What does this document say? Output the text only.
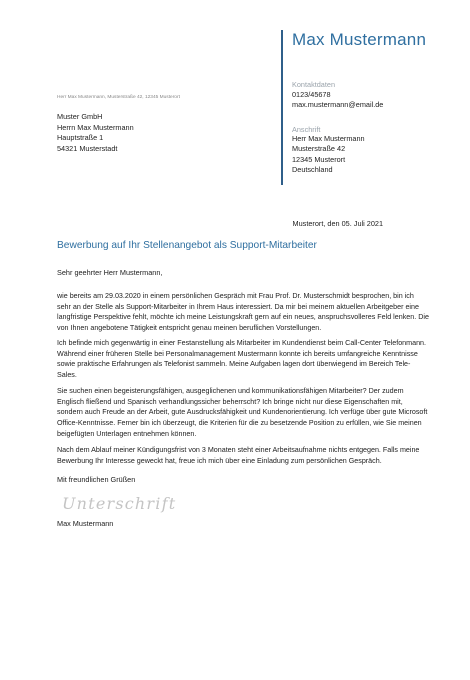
Max Mustermann
Kontaktdaten
0123/45678
max.mustermann@email.de
Anschrift
Herr Max Mustermann
Musterstraße 42
12345 Musterort
Deutschland
Herr Max Mustermann, Musterstraße 42, 12345 Musterort
Muster GmbH
Herrn Max Mustermann
Hauptstraße 1
54321 Musterstadt
Musterort, den 05. Juli 2021
Bewerbung auf Ihr Stellenangebot als Support-Mitarbeiter
Sehr geehrter Herr Mustermann,
wie bereits am 29.03.2020 in einem persönlichen Gespräch mit Frau Prof. Dr. Musterschmidt besprochen, bin ich sehr an der Stelle als Support-Mitarbeiter in Ihrem Haus interessiert. Da mir bei meinem aktuellen Arbeitgeber eine langfristige Perspektive fehlt, möchte ich meine Leistungskraft gern auf ein neues, anspruchsvolleres Feld lenken. Die von Ihnen angebotene Tätigkeit entspricht genau meinen beruflichen Vorstellungen.
Ich befinde mich gegenwärtig in einer Festanstellung als Mitarbeiter im Kundendienst beim Call-Center Telefonmann. Während einer früheren Stelle bei Personalmanagement Mustermann konnte ich bereits umfangreiche Kenntnisse sowie praktische Erfahrungen als Telefonist sammeln. Meine Aufgaben lagen dort überwiegend im Bereich Tele-Sales.
Sie suchen einen begeisterungsfähigen, ausgeglichenen und kommunikationsfähigen Mitarbeiter? Der zudem Englisch fließend und Spanisch verhandlungssicher beherrscht? Ich bringe nicht nur diese Eigenschaften mit, sondern auch Freude an der Arbeit, gute Ausdrucksfähigkeit und Kundenorientierung. Ich verfüge über gute Microsoft Office-Kenntnisse. Ferner bin ich überzeugt, die Kriterien für die zu besetzende Position zu erfüllen, wie Sie meinen beigefügten Unterlagen entnehmen können.
Nach dem Ablauf meiner Kündigungsfrist von 3 Monaten steht einer Arbeitsaufnahme nichts entgegen. Falls meine Bewerbung Ihr Interesse geweckt hat, freue ich mich über eine Einladung zum persönlichen Gespräch.
Mit freundlichen Grüßen
Unterschrift
Max Mustermann
